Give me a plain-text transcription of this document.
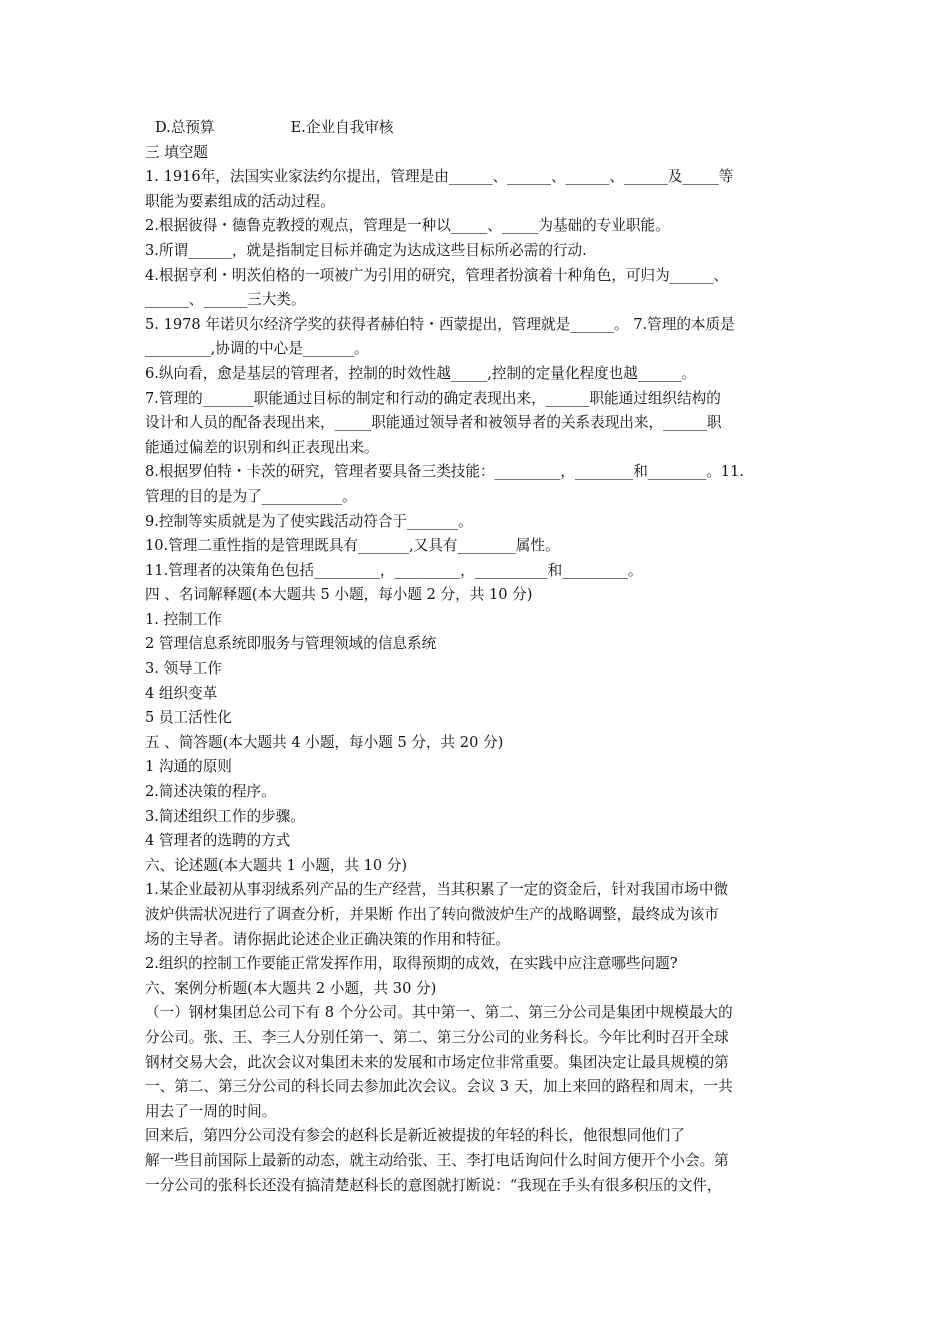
D.总预算	E.企业自我审核
三 填空题
1. 1916年，法国实业家法约尔提出，管理是由______、______、______、______及_____等
职能为要素组成的活动过程。
2.根据彼得・德鲁克教授的观点，管理是一种以_____、_____为基础的专业职能。
3.所谓______，就是指制定目标并确定为达成这些目标所必需的行动.
4.根据亨利・明茨伯格的一项被广为引用的研究，管理者扮演着十种角色，可归为______、
______、______三大类。
5. 1978 年诺贝尔经济学奖的获得者赫伯特・西蒙提出，管理就是______。 7.管理的本质是
_________,协调的中心是_______。
6.纵向看，愈是基层的管理者，控制的时效性越_____,控制的定量化程度也越______。
7.管理的_______职能通过目标的制定和行动的确定表现出来，______职能通过组织结构的
设计和人员的配备表现出来，_____职能通过领导者和被领导者的关系表现出来，______职
能通过偏差的识别和纠正表现出来。
8.根据罗伯特・卡茨的研究，管理者要具备三类技能：_________，________和________。11.
管理的目的是为了___________。
9.控制等实质就是为了使实践活动符合于_______。
10.管理二重性指的是管理既具有_______,又具有________属性。
11.管理者的决策角色包括_________，_________，__________和_________。
四 、名词解释题(本大题共 5 小题，每小题 2 分，共 10 分)
1. 控制工作
2 管理信息系统即服务与管理领域的信息系统
3. 领导工作
4 组织变革
5 员工活性化
五 、简答题(本大题共 4 小题，每小题 5 分，共 20 分)
1 沟通的原则
2.简述决策的程序。
3.简述组织工作的步骤。
4 管理者的选聘的方式
六、论述题(本大题共 1 小题，共 10 分)
1.某企业最初从事羽绒系列产品的生产经营，当其积累了一定的资金后，针对我国市场中微
波炉供需状况进行了调查分析，并果断 作出了转向微波炉生产的战略调整，最终成为该市
场的主导者。请你据此论述企业正确决策的作用和特征。
2.组织的控制工作要能正常发挥作用，取得预期的成效，在实践中应注意哪些问题?
六、案例分析题(本大题共 2 小题，共 30 分)
（一）钢材集团总公司下有 8 个分公司。其中第一、第二、第三分公司是集团中规模最大的
分公司。张、王、李三人分别任第一、第二、第三分公司的业务科长。今年比利时召开全球
钢材交易大会，此次会议对集团未来的发展和市场定位非常重要。集团决定让最具规模的第
一、第二、第三分公司的科长同去参加此次会议。会议 3 天，加上来回的路程和周末，一共
用去了一周的时间。
回来后，第四分公司没有参会的赵科长是新近被提拔的年轻的科长，他很想同他们了
解一些目前国际上最新的动态，就主动给张、王、李打电话询问什么时间方便开个小会。第
一分公司的张科长还没有搞清楚赵科长的意图就打断说：“我现在手头有很多积压的文件，
